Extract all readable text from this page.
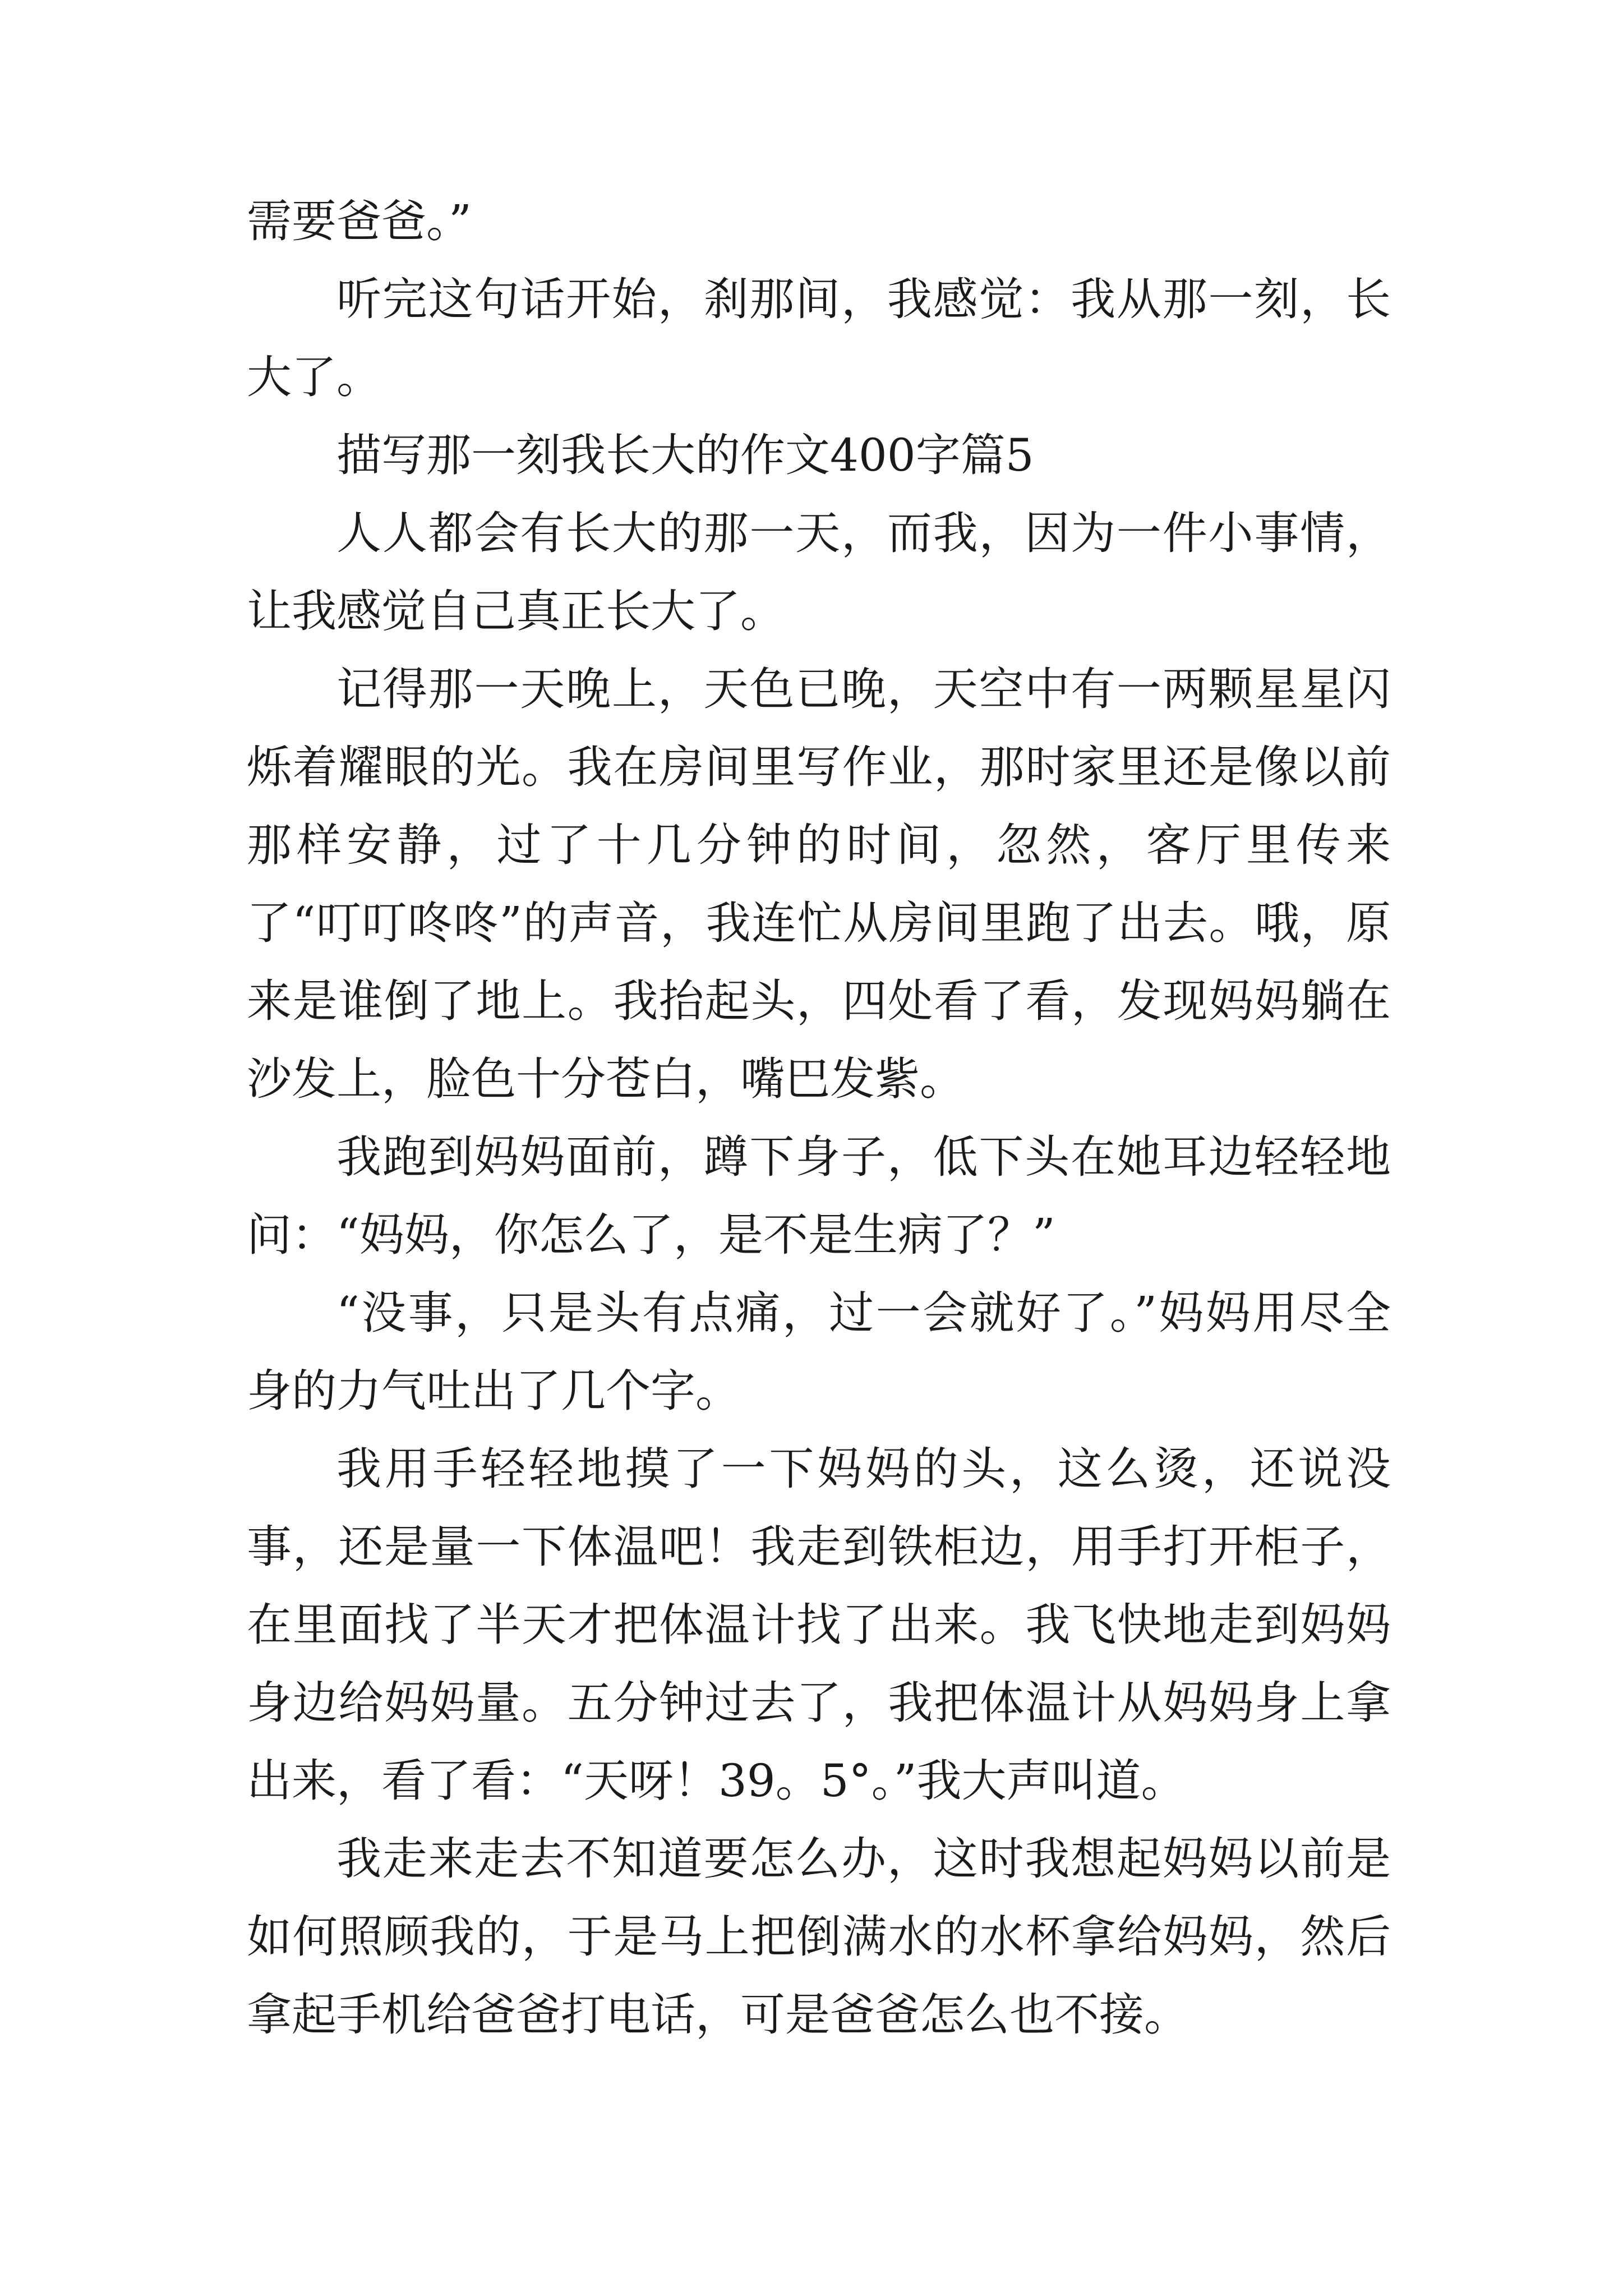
需要爸爸。”

听完这句话开始，刹那间，我感觉：我从那一刻，长大了。

描写那一刻我长大的作文400字篇5

人人都会有长大的那一天，而我，因为一件小事情，让我感觉自己真正长大了。

记得那一天晚上，天色已晚，天空中有一两颗星星闪烁着耀眼的光。我在房间里写作业，那时家里还是像以前那样安静，过了十几分钟的时间，忽然，客厅里传来了“叮叮咚咚”的声音，我连忙从房间里跑了出去。哦，原来是谁倒了地上。我抬起头，四处看了看，发现妈妈躺在沙发上，脸色十分苍白，嘴巴发紫。

我跑到妈妈面前，蹲下身子，低下头在她耳边轻轻地问：“妈妈，你怎么了，是不是生病了？”

“没事，只是头有点痛，过一会就好了。”妈妈用尽全身的力气吐出了几个字。

我用手轻轻地摸了一下妈妈的头，这么烫，还说没事，还是量一下体温吧！我走到铁柜边，用手打开柜子，在里面找了半天才把体温计找了出来。我飞快地走到妈妈身边给妈妈量。五分钟过去了，我把体温计从妈妈身上拿出来，看了看：“天呀！39。5°。”我大声叫道。

我走来走去不知道要怎么办，这时我想起妈妈以前是如何照顾我的，于是马上把倒满水的水杯拿给妈妈，然后拿起手机给爸爸打电话，可是爸爸怎么也不接。
